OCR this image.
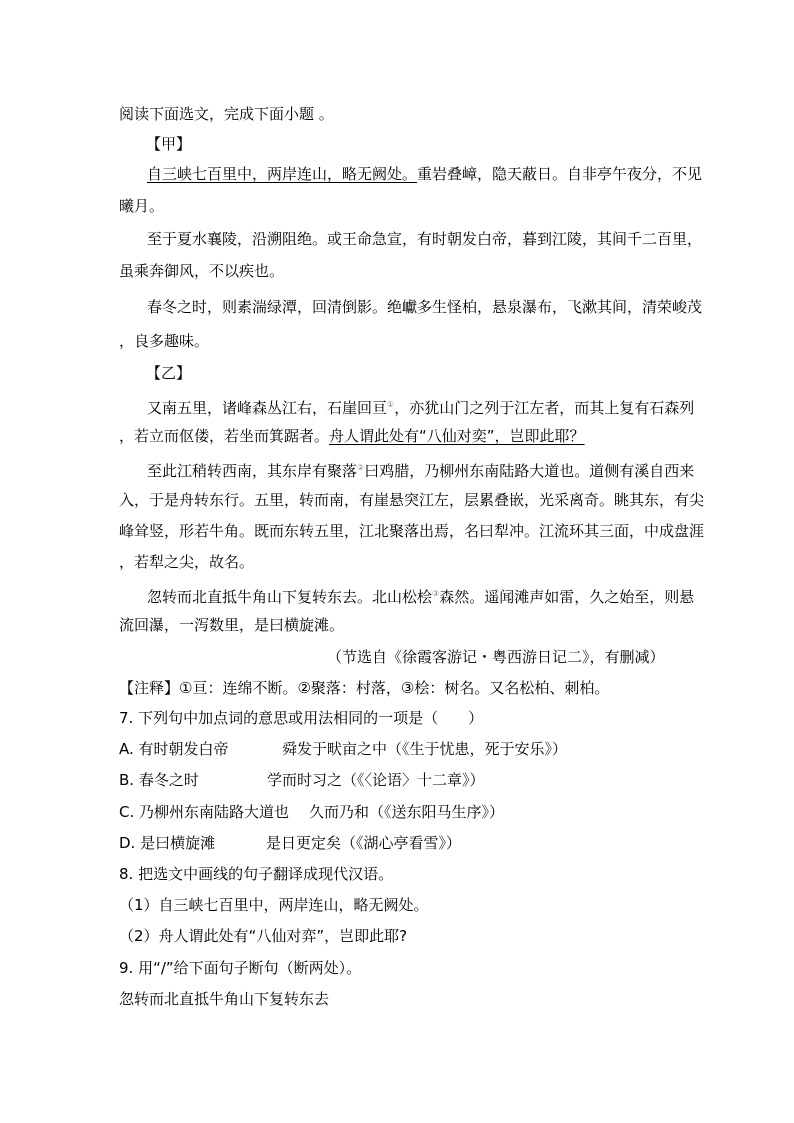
阅读下面选文，完成下面小题 。
【甲】
自三峡七百里中，两岸连山，略无阙处。重岩叠嶂，隐天蔽日。自非亭午夜分，不见
曦月。
至于夏水襄陵，沿溯阻绝。或王命急宣，有时朝发白帝，暮到江陵，其间千二百里，
虽乘奔御风，不以疾也。
春冬之时，则素湍绿潭，回清倒影。绝巘多生怪柏，悬泉瀑布，飞漱其间，清荣峻茂
，良多趣味。
【乙】
又南五里，诸峰森丛江右，石崖回亘①，亦犹山门之列于江左者，而其上复有石森列
，若立而伛偻，若坐而箕踞者。舟人谓此处有“八仙对奕”，岂即此耶？
至此江稍转西南，其东岸有聚落②曰鸡腊，乃柳州东南陆路大道也。道侧有溪自西来
入，于是舟转东行。五里，转而南，有崖悬突江左，层累叠嵌，光采离奇。眺其东，有尖
峰耸竖，形若牛角。既而东转五里，江北聚落出焉，名曰犁冲。江流环其三面，中成盘涯
，若犁之尖，故名。
忽转而北直抵牛角山下复转东去。北山松桧③森然。遥闻滩声如雷，久之始至，则悬
流回瀑，一泻数里，是曰横旋滩。
（节选自《徐霞客游记・粤西游日记二》，有删减）
【注释】①亘：连绵不断。②聚落：村落，③桧：树名。又名松柏、刺柏。
7. 下列句中加点词的意思或用法相同的一项是（　　）
A. 有时朝发白帝	舜发于畎亩之中（《生于忧患，死于安乐》）
B. 春冬之时	学而时习之（《〈论语〉十二章》）
C. 乃柳州东南陆路大道也 久而乃和（《送东阳马生序》）
D. 是曰横旋滩	是日更定矣（《湖心亭看雪》）
8. 把选文中画线的句子翻译成现代汉语。
（1）自三峡七百里中，两岸连山，略无阙处。
（2）舟人谓此处有“八仙对弈”，岂即此耶?
9. 用“/”给下面句子断句（断两处）。
忽转而北直抵牛角山下复转东去
